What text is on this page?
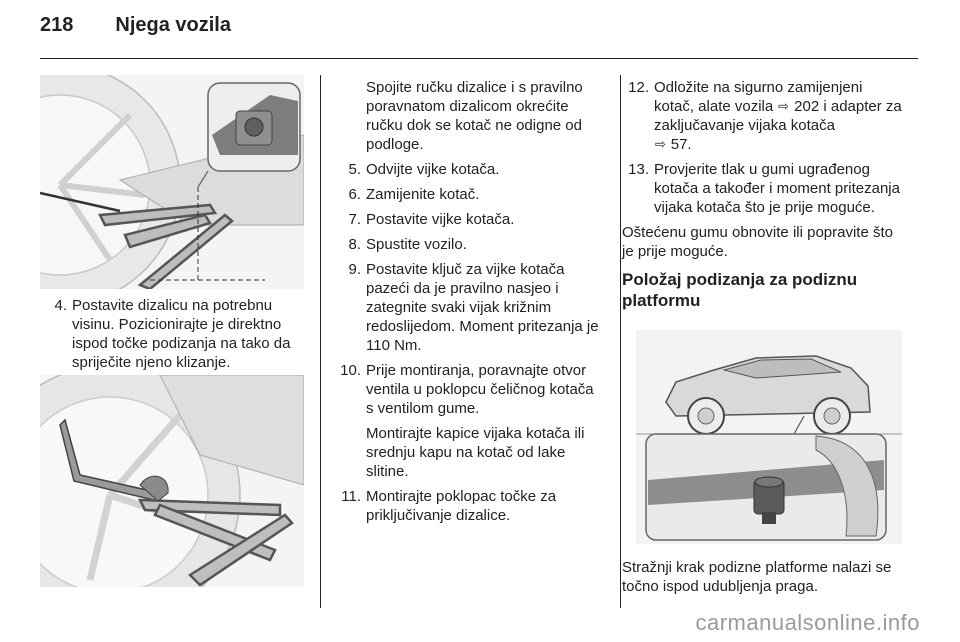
218 Njega vozila
4. Postavite dizalicu na potrebnu visinu. Pozicionirajte je direktno ispod točke podizanja na tako da spriječite njeno klizanje.

Spojite ručku dizalice i s pravilno poravnatom dizalicom okrećite ručku dok se kotač ne odigne od podloge.

5. Odvijte vijke kotača.
6. Zamijenite kotač.
7. Postavite vijke kotača.
8. Spustite vozilo.
9. Postavite ključ za vijke kotača pazeći da je pravilno nasjeo i zategnite svaki vijak križnim redoslijedom. Moment pritezanja je 110 Nm.
10. Prije montiranja, poravnajte otvor ventila u poklopcu čeličnog kotača s ventilom gume.

Montirajte kapice vijaka kotača ili srednju kapu na kotač od lake slitine.

11. Montirajte poklopac točke za priključivanje dizalice.
12. Odložite na sigurno zamijenjeni kotač, alate vozila ⇨ 202 i adapter za zaključavanje vijaka kotača
⇨ 57.
13. Provjerite tlak u gumi ugrađenog kotača a također i moment pritezanja vijaka kotača što je prije moguće.

Oštećenu gumu obnovite ili popravite što je prije moguće.

Položaj podizanja za podiznu platformu

Stražnji krak podizne platforme nalazi se točno ispod udubljenja praga.

carmanualsonline.info
